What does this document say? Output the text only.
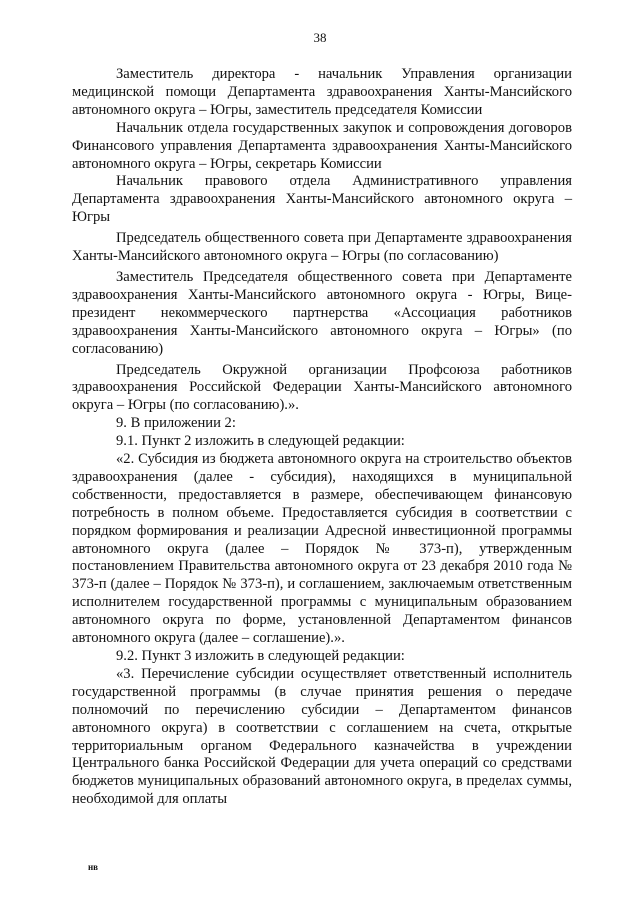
38

Заместитель директора - начальник Управления организации медицинской помощи Департамента здравоохранения Ханты-Мансийского автономного округа – Югры, заместитель председателя Комиссии

Начальник отдела государственных закупок и сопровождения договоров Финансового управления Департамента здравоохранения Ханты-Мансийского автономного округа – Югры, секретарь Комиссии

Начальник правового отдела Административного управления Департамента здравоохранения Ханты-Мансийского автономного округа – Югры

Председатель общественного совета при Департаменте здравоохранения Ханты-Мансийского автономного округа – Югры (по согласованию)

Заместитель Председателя общественного совета при Департаменте здравоохранения Ханты-Мансийского автономного округа - Югры, Вице-президент некоммерческого партнерства «Ассоциация работников здравоохранения Ханты-Мансийского автономного округа – Югры» (по согласованию)

Председатель Окружной организации Профсоюза работников здравоохранения Российской Федерации Ханты-Мансийского автономного округа – Югры (по согласованию).».

9. В приложении 2:

9.1. Пункт 2 изложить в следующей редакции:

«2. Субсидия из бюджета автономного округа на строительство объектов здравоохранения (далее - субсидия), находящихся в муниципальной собственности, предоставляется в размере, обеспечивающем финансовую потребность в полном объеме. Предоставляется субсидия в соответствии с порядком формирования и реализации Адресной инвестиционной программы автономного округа (далее – Порядок № 373-п), утвержденным постановлением Правительства автономного округа от 23 декабря 2010 года № 373-п (далее – Порядок № 373-п), и соглашением, заключаемым ответственным исполнителем государственной программы с муниципальным образованием автономного округа по форме, установленной Департаментом финансов автономного округа (далее – соглашение).».

9.2. Пункт 3 изложить в следующей редакции:

«3. Перечисление субсидии осуществляет ответственный исполнитель государственной программы (в случае принятия решения о передаче полномочий по перечислению субсидии – Департаментом финансов автономного округа) в соответствии с соглашением на счета, открытые территориальным органом Федерального казначейства в учреждении Центрального банка Российской Федерации для учета операций со средствами бюджетов муниципальных образований автономного округа, в пределах суммы, необходимой для оплаты

нв
